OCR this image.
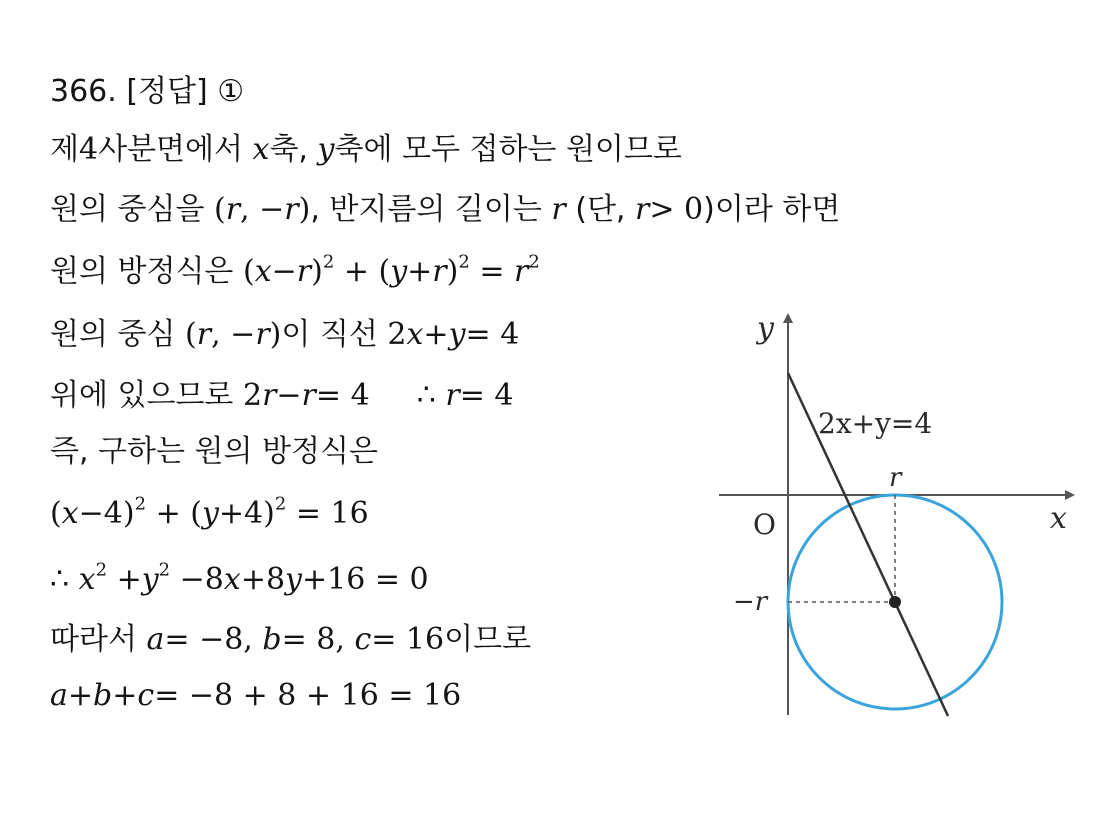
366. [정답] ①
제4사분면에서 x축, y축에 모두 접하는 원이므로
원의 중심을 (r, −r), 반지름의 길이는 r (단, r> 0)이라 하면
원의 방정식은 $(x-r)^2 + (y+r)^2 = r^2$
원의 중심 (r, −r)이 직선 2x+y= 4
위에 있으므로 2r−r= 4 ∴ r= 4
즉, 구하는 원의 방정식은
$(x-4)^2 + (y+4)^2 = 16$
∴ $x^2 +y^2 -8x+8y+16 = 0$
따라서 a= −8, b= 8, c= 16이므로
a+b+c= −8 + 8 + 16 = 16
y
x
O
r
−r
2x+y=4
